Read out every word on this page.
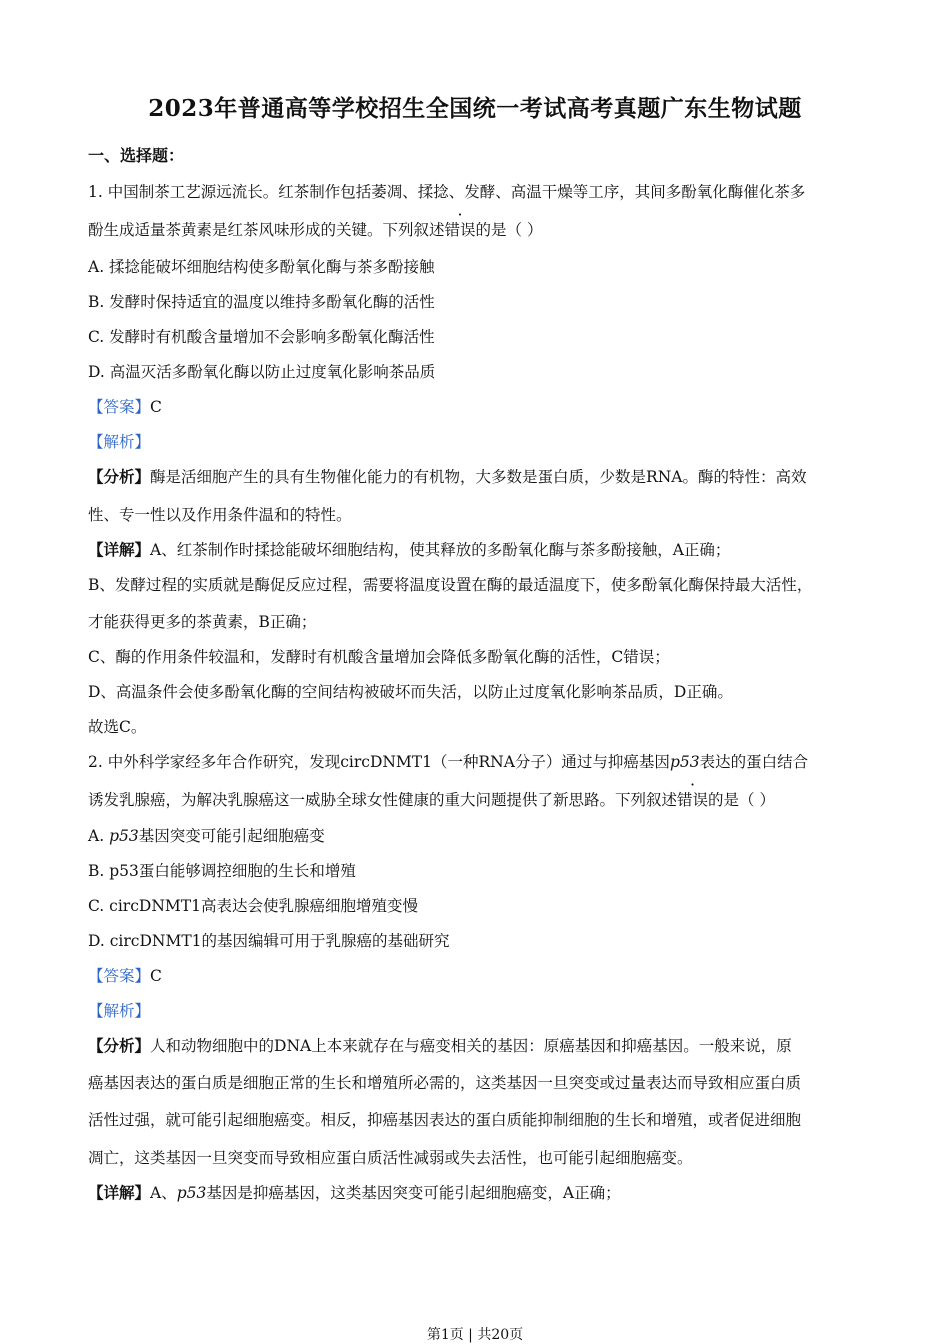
2023年普通高等学校招生全国统一考试高考真题广东生物试题
一、选择题：
1. 中国制茶工艺源远流长。红茶制作包括萎凋、揉捻、发酵、高温干燥等工序，其间多酚氧化酶催化茶多
酚生成适量茶黄素是红茶风味形成的关键。下列叙述错误的是（ ）
A. 揉捻能破坏细胞结构使多酚氧化酶与茶多酚接触
B. 发酵时保持适宜的温度以维持多酚氧化酶的活性
C. 发酵时有机酸含量增加不会影响多酚氧化酶活性
D. 高温灭活多酚氧化酶以防止过度氧化影响茶品质
【答案】C
【解析】
【分析】酶是活细胞产生的具有生物催化能力的有机物，大多数是蛋白质，少数是RNA。酶的特性：高效
性、专一性以及作用条件温和的特性。
【详解】A、红茶制作时揉捻能破坏细胞结构，使其释放的多酚氧化酶与茶多酚接触，A正确；
B、发酵过程的实质就是酶促反应过程，需要将温度设置在酶的最适温度下，使多酚氧化酶保持最大活性，
才能获得更多的茶黄素，B正确；
C、酶的作用条件较温和，发酵时有机酸含量增加会降低多酚氧化酶的活性，C错误；
D、高温条件会使多酚氧化酶的空间结构被破坏而失活，以防止过度氧化影响茶品质，D正确。
故选C。
2. 中外科学家经多年合作研究，发现circDNMT1（一种RNA分子）通过与抑癌基因p53表达的蛋白结合
诱发乳腺癌，为解决乳腺癌这一威胁全球女性健康的重大问题提供了新思路。下列叙述错误的是（ ）
A. p53基因突变可能引起细胞癌变
B. p53蛋白能够调控细胞的生长和增殖
C. circDNMT1高表达会使乳腺癌细胞增殖变慢
D. circDNMT1的基因编辑可用于乳腺癌的基础研究
【答案】C
【解析】
【分析】人和动物细胞中的DNA上本来就存在与癌变相关的基因：原癌基因和抑癌基因。一般来说，原
癌基因表达的蛋白质是细胞正常的生长和增殖所必需的，这类基因一旦突变或过量表达而导致相应蛋白质
活性过强，就可能引起细胞癌变。相反，抑癌基因表达的蛋白质能抑制细胞的生长和增殖，或者促进细胞
凋亡，这类基因一旦突变而导致相应蛋白质活性减弱或失去活性，也可能引起细胞癌变。
【详解】A、p53基因是抑癌基因，这类基因突变可能引起细胞癌变，A正确；
第1页 | 共20页
